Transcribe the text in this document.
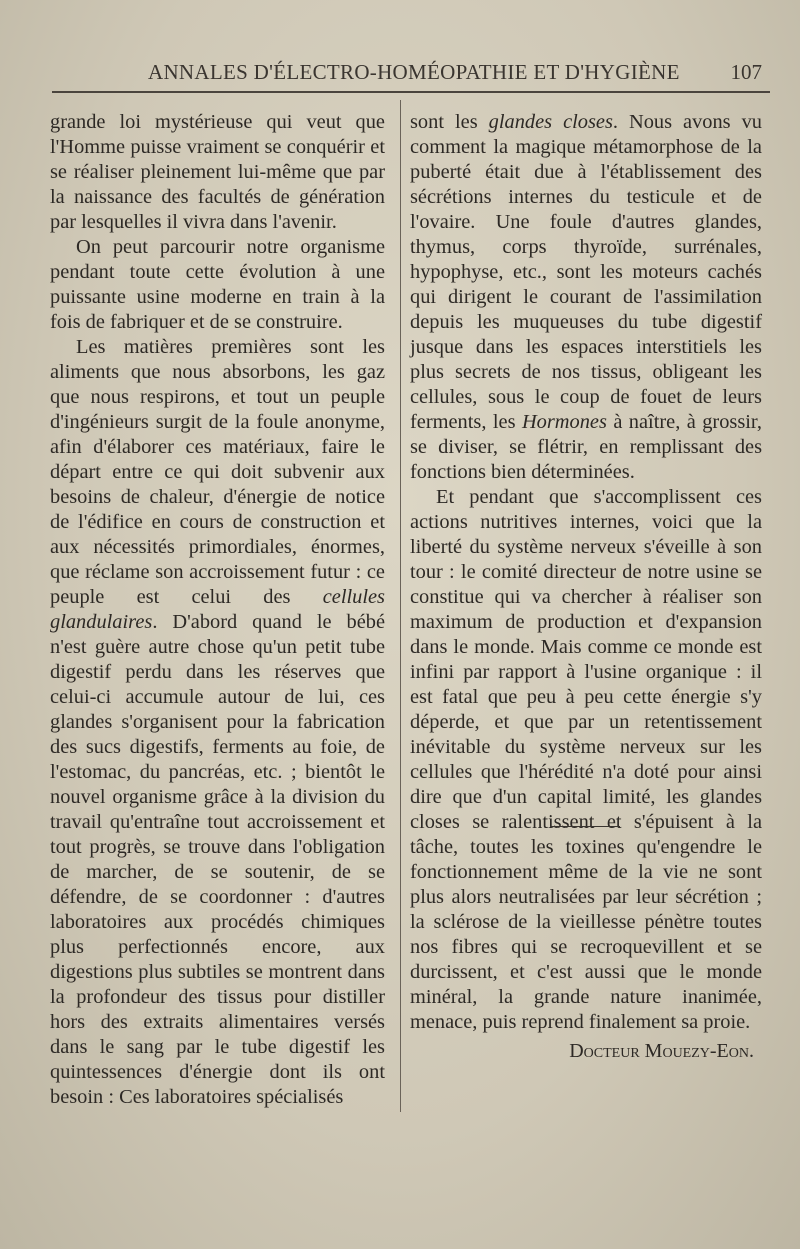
ANNALES D'ÉLECTRO-HOMÉOPATHIE ET D'HYGIÈNE 107

grande loi mystérieuse qui veut que l'Homme puisse vraiment se conquérir et se réaliser pleinement lui-même que par la naissance des facultés de génération par lesquelles il vivra dans l'avenir.

On peut parcourir notre organisme pendant toute cette évolution à une puissante usine moderne en train à la fois de fabriquer et de se construire.

Les matières premières sont les aliments que nous absorbons, les gaz que nous respirons, et tout un peuple d'ingénieurs surgit de la foule anonyme, afin d'élaborer ces matériaux, faire le départ entre ce qui doit subvenir aux besoins de chaleur, d'énergie de notice de l'édifice en cours de construction et aux nécessités primordiales, énormes, que réclame son accroissement futur : ce peuple est celui des cellules glandulaires. D'abord quand le bébé n'est guère autre chose qu'un petit tube digestif perdu dans les réserves que celui-ci accumule autour de lui, ces glandes s'organisent pour la fabrication des sucs digestifs, ferments au foie, de l'estomac, du pancréas, etc. ; bientôt le nouvel organisme grâce à la division du travail qu'entraîne tout accroissement et tout progrès, se trouve dans l'obligation de marcher, de se soutenir, de se défendre, de se coordonner : d'autres laboratoires aux procédés chimiques plus perfectionnés encore, aux digestions plus subtiles se montrent dans la profondeur des tissus pour distiller hors des extraits alimentaires versés dans le sang par le tube digestif les quintessences d'énergie dont ils ont besoin : Ces laboratoires spécialisés

sont les glandes closes. Nous avons vu comment la magique métamorphose de la puberté était due à l'établissement des sécrétions internes du testicule et de l'ovaire. Une foule d'autres glandes, thymus, corps thyroïde, surrénales, hypophyse, etc., sont les moteurs cachés qui dirigent le courant de l'assimilation depuis les muqueuses du tube digestif jusque dans les espaces interstitiels les plus secrets de nos tissus, obligeant les cellules, sous le coup de fouet de leurs ferments, les Hormones à naître, à grossir, se diviser, se flétrir, en remplissant des fonctions bien déterminées.

Et pendant que s'accomplissent ces actions nutritives internes, voici que la liberté du système nerveux s'éveille à son tour : le comité directeur de notre usine se constitue qui va chercher à réaliser son maximum de production et d'expansion dans le monde. Mais comme ce monde est infini par rapport à l'usine organique : il est fatal que peu à peu cette énergie s'y déperde, et que par un retentissement inévitable du système nerveux sur les cellules que l'hérédité n'a doté pour ainsi dire que d'un capital limité, les glandes closes se ralentissent et s'épuisent à la tâche, toutes les toxines qu'engendre le fonctionnement même de la vie ne sont plus alors neutralisées par leur sécrétion ; la sclérose de la vieillesse pénètre toutes nos fibres qui se recroquevillent et se durcissent, et c'est aussi que le monde minéral, la grande nature inanimée, menace, puis reprend finalement sa proie.

Docteur Mouezy-Eon.
